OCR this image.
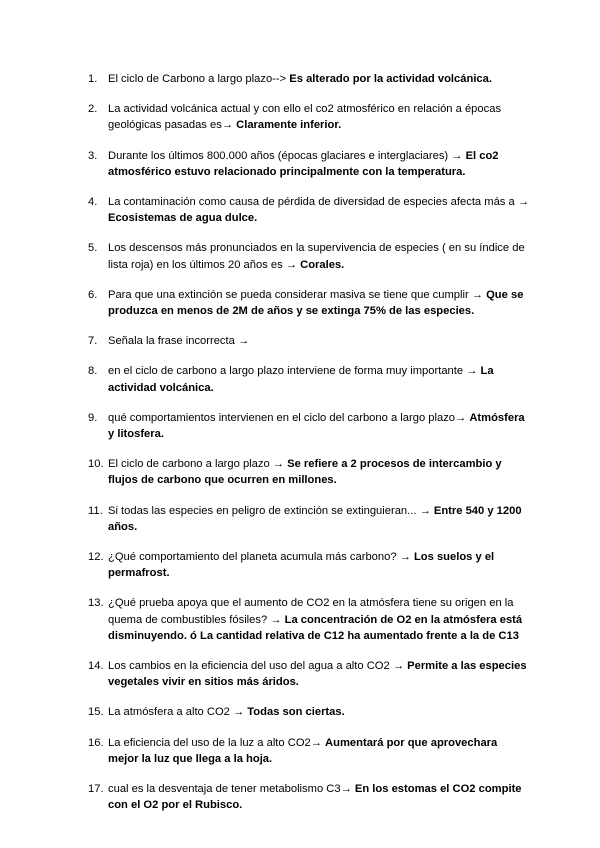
1. El ciclo de Carbono a largo plazo--> Es alterado por la actividad volcánica.
2. La actividad volcánica actual y con ello el co2 atmosférico en relación a épocas geológicas pasadas es→ Claramente inferior.
3. Durante los últimos 800.000 años (épocas glaciares e interglaciares) → El co2 atmosférico estuvo relacionado principalmente con la temperatura.
4. La contaminación como causa de pérdida de diversidad de especies afecta más a → Ecosistemas de agua dulce.
5. Los descensos más pronunciados en la supervivencia de especies ( en su índice de lista roja) en los últimos 20 años es → Corales.
6. Para que una extinción se pueda considerar masiva se tiene que cumplir → Que se produzca en menos de 2M de años y se extinga 75% de las especies.
7. Señala la frase incorrecta →
8. en el ciclo de carbono a largo plazo interviene de forma muy importante → La actividad volcánica.
9. qué comportamientos intervienen en el ciclo del carbono a largo plazo→ Atmósfera y litosfera.
10. El ciclo de carbono a largo plazo → Se refiere a 2 procesos de intercambio y flujos de carbono que ocurren en millones.
11. Si todas las especies en peligro de extinción se extinguieran... → Entre 540 y 1200 años.
12. ¿Qué comportamiento del planeta acumula más carbono? → Los suelos y el permafrost.
13. ¿Qué prueba apoya que el aumento de CO2 en la atmósfera tiene su origen en la quema de combustibles fósiles? → La concentración de O2 en la atmósfera está disminuyendo. ó La cantidad relativa de C12 ha aumentado frente a la de C13
14. Los cambios en la eficiencia del uso del agua a alto CO2 → Permite a las especies vegetales vivir en sitios más áridos.
15. La atmósfera a alto CO2 → Todas son ciertas.
16. La eficiencia del uso de la luz a alto CO2→ Aumentará por que aprovechara mejor la luz que llega a la hoja.
17. cual es la desventaja de tener metabolismo C3→ En los estomas el CO2 compite con el O2 por el Rubisco.
